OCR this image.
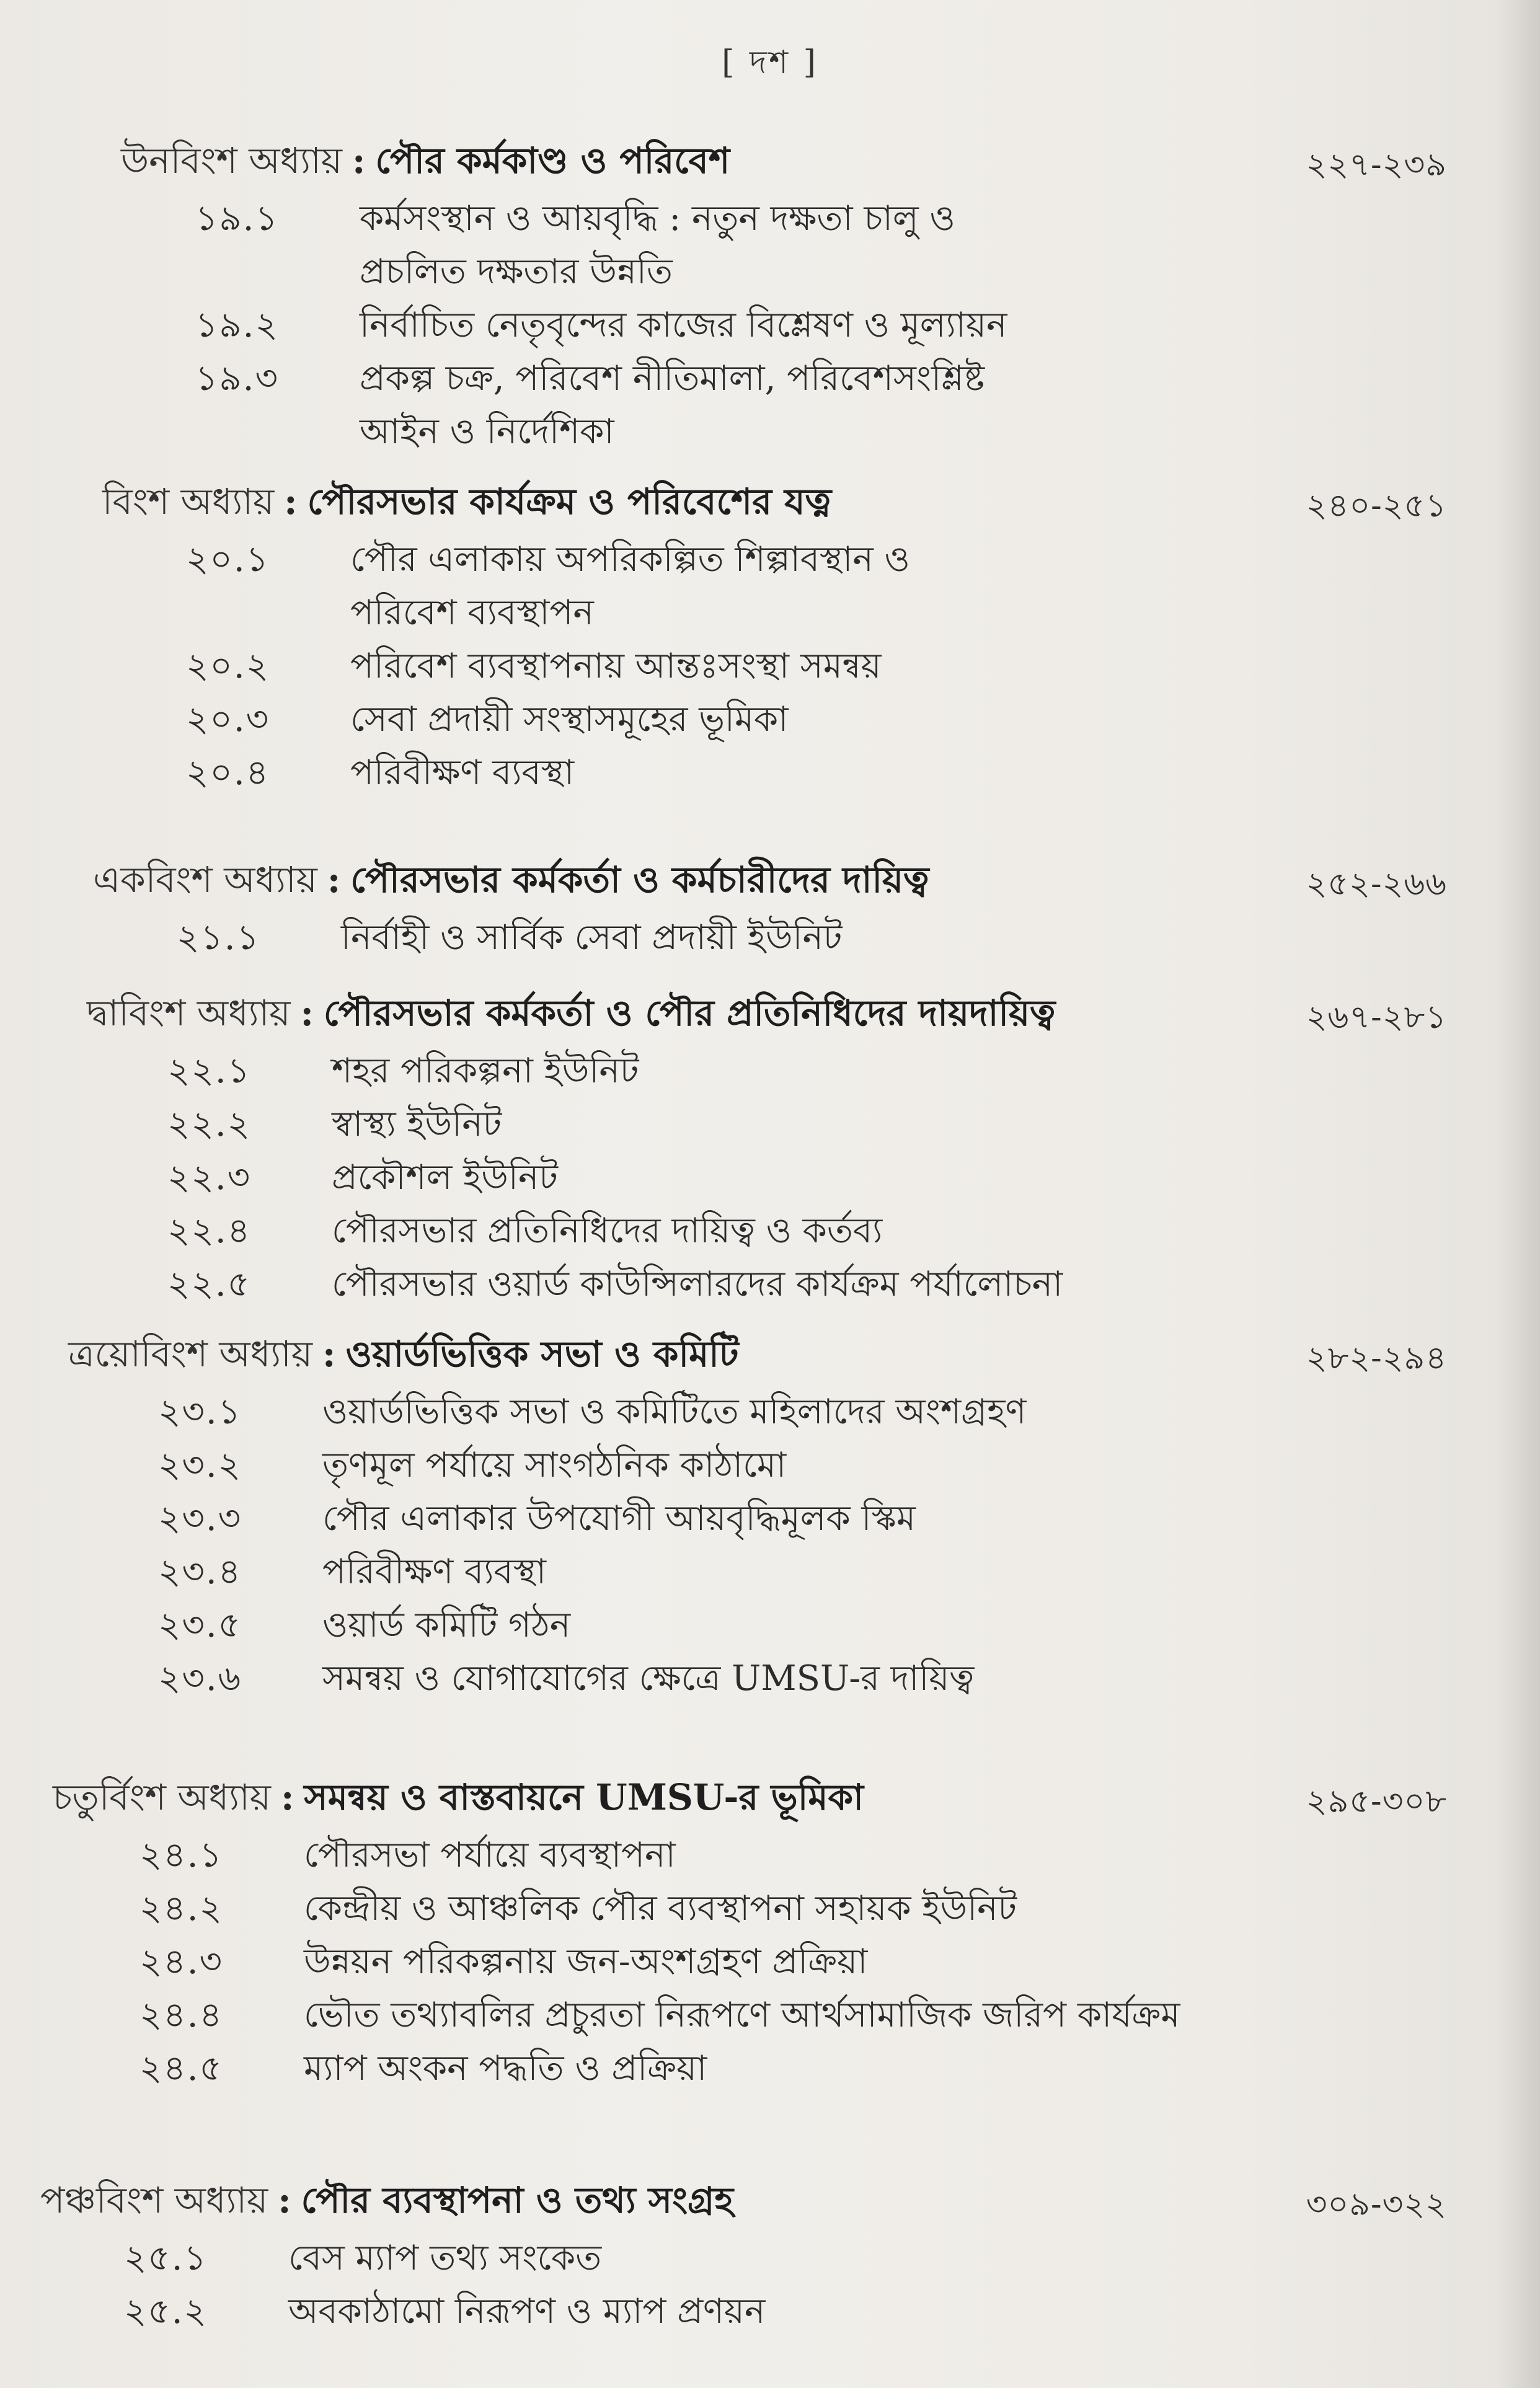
[ দশ ]
উনবিংশ অধ্যায় : পৌর কর্মকাণ্ড ও পরিবেশ	২২৭-২৩৯
১৯.১ কর্মসংস্থান ও আয়বৃদ্ধি : নতুন দক্ষতা চালু ও
প্রচলিত দক্ষতার উন্নতি
১৯.২ নির্বাচিত নেতৃবৃন্দের কাজের বিশ্লেষণ ও মূল্যায়ন
১৯.৩ প্রকল্প চক্র, পরিবেশ নীতিমালা, পরিবেশসংশ্লিষ্ট
আইন ও নির্দেশিকা
বিংশ অধ্যায় : পৌরসভার কার্যক্রম ও পরিবেশের যত্ন	২৪০-২৫১
২০.১ পৌর এলাকায় অপরিকল্পিত শিল্পাবস্থান ও
পরিবেশ ব্যবস্থাপন
২০.২ পরিবেশ ব্যবস্থাপনায় আন্তঃসংস্থা সমন্বয়
২০.৩ সেবা প্রদায়ী সংস্থাসমূহের ভূমিকা
২০.৪ পরিবীক্ষণ ব্যবস্থা
একবিংশ অধ্যায় : পৌরসভার কর্মকর্তা ও কর্মচারীদের দায়িত্ব	২৫২-২৬৬
২১.১ নির্বাহী ও সার্বিক সেবা প্রদায়ী ইউনিট
দ্বাবিংশ অধ্যায় : পৌরসভার কর্মকর্তা ও পৌর প্রতিনিধিদের দায়দায়িত্ব	২৬৭-২৮১
২২.১ শহর পরিকল্পনা ইউনিট
২২.২ স্বাস্থ্য ইউনিট
২২.৩ প্রকৌশল ইউনিট
২২.৪ পৌরসভার প্রতিনিধিদের দায়িত্ব ও কর্তব্য
২২.৫ পৌরসভার ওয়ার্ড কাউন্সিলারদের কার্যক্রম পর্যালোচনা
ত্রয়োবিংশ অধ্যায় : ওয়ার্ডভিত্তিক সভা ও কমিটি	২৮২-২৯৪
২৩.১ ওয়ার্ডভিত্তিক সভা ও কমিটিতে মহিলাদের অংশগ্রহণ
২৩.২ তৃণমূল পর্যায়ে সাংগঠনিক কাঠামো
২৩.৩ পৌর এলাকার উপযোগী আয়বৃদ্ধিমূলক স্কিম
২৩.৪ পরিবীক্ষণ ব্যবস্থা
২৩.৫ ওয়ার্ড কমিটি গঠন
২৩.৬ সমন্বয় ও যোগাযোগের ক্ষেত্রে UMSU-র দায়িত্ব
চতুর্বিংশ অধ্যায় : সমন্বয় ও বাস্তবায়নে UMSU-র ভূমিকা	২৯৫-৩০৮
২৪.১ পৌরসভা পর্যায়ে ব্যবস্থাপনা
২৪.২ কেন্দ্রীয় ও আঞ্চলিক পৌর ব্যবস্থাপনা সহায়ক ইউনিট
২৪.৩ উন্নয়ন পরিকল্পনায় জন-অংশগ্রহণ প্রক্রিয়া
২৪.৪ ভৌত তথ্যাবলির প্রচুরতা নিরূপণে আর্থসামাজিক জরিপ কার্যক্রম
২৪.৫ ম্যাপ অংকন পদ্ধতি ও প্রক্রিয়া
পঞ্চবিংশ অধ্যায় : পৌর ব্যবস্থাপনা ও তথ্য সংগ্রহ	৩০৯-৩২২
২৫.১ বেস ম্যাপ তথ্য সংকেত
২৫.২ অবকাঠামো নিরূপণ ও ম্যাপ প্রণয়ন
